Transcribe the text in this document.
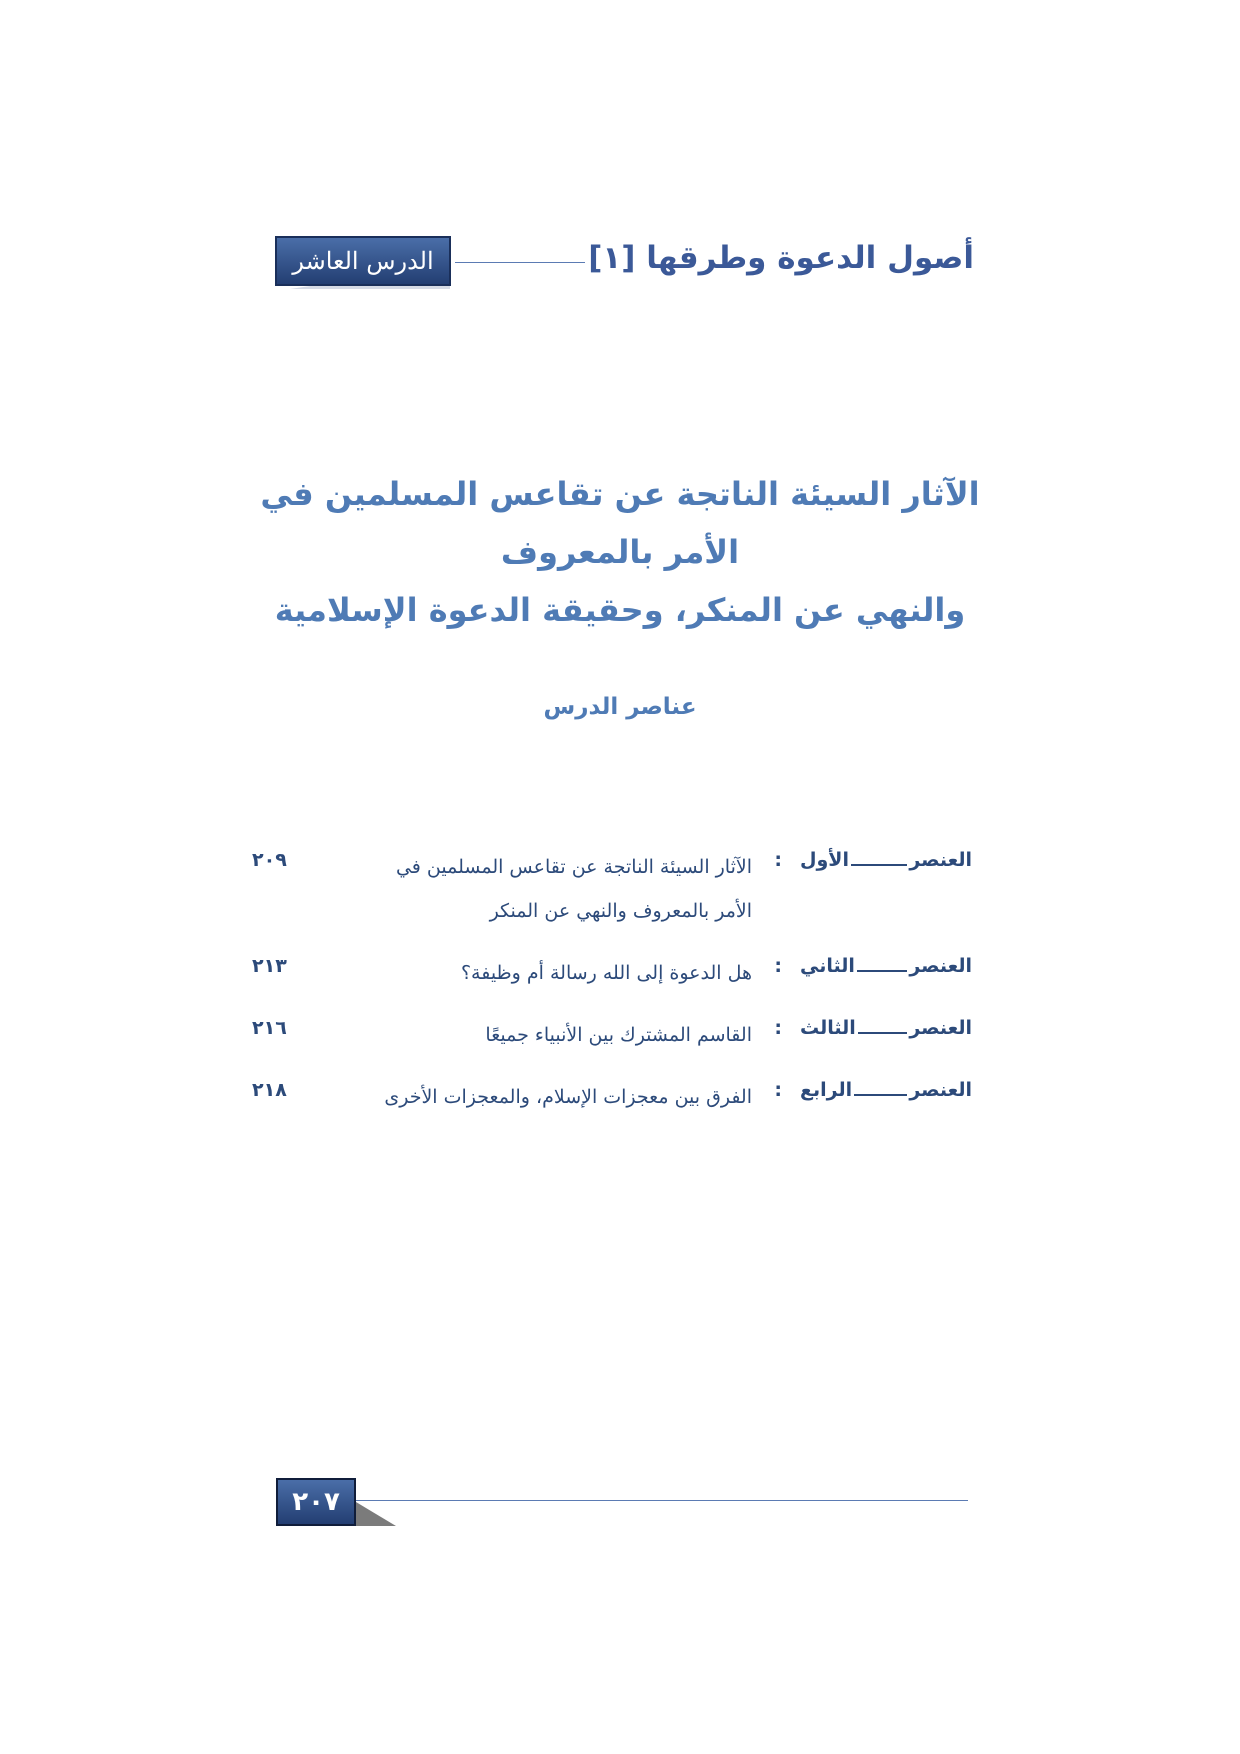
أصول الدعوة وطرقها [١]
الدرس العاشر
الآثار السيئة الناتجة عن تقاعس المسلمين في الأمر بالمعروف
والنهي عن المنكر، وحقيقة الدعوة الإسلامية
عناصر الدرس
العنصر
الأول
:
الآثار السيئة الناتجة عن تقاعس المسلمين في الأمر بالمعروف والنهي عن المنكر
٢٠٩
العنصر
الثاني
:
هل الدعوة إلى الله رسالة أم وظيفة؟
٢١٣
العنصر
الثالث
:
القاسم المشترك بين الأنبياء جميعًا
٢١٦
العنصر
الرابع
:
الفرق بين معجزات الإسلام، والمعجزات الأخرى
٢١٨
٢٠٧
